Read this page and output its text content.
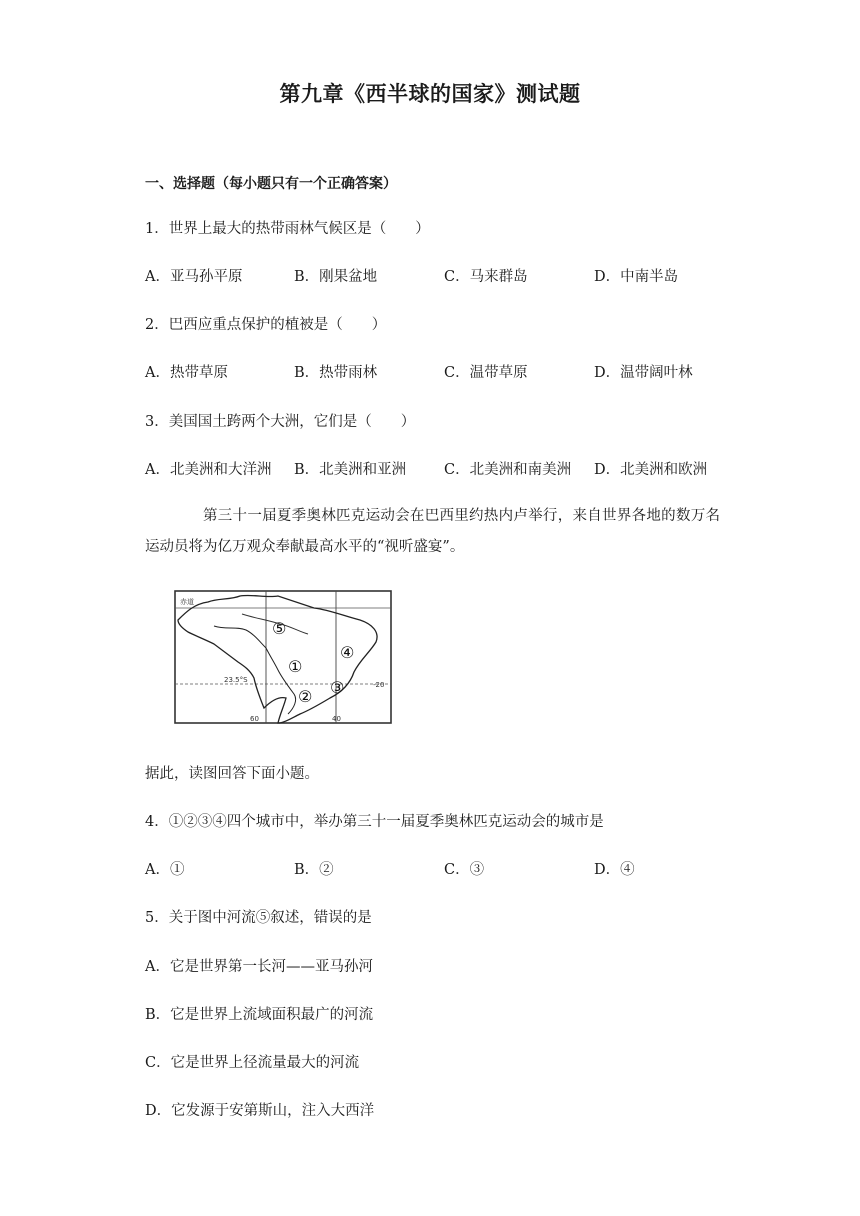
第九章《西半球的国家》测试题
一、选择题（每小题只有一个正确答案）
1．世界上最大的热带雨林气候区是（　　）
A．亚马孙平原	B．刚果盆地	C．马来群岛	D．中南半岛
2．巴西应重点保护的植被是（　　）
A．热带草原	B．热带雨林	C．温带草原	D．温带阔叶林
3．美国国土跨两个大洲，它们是（　　）
A．北美洲和大洋洲 B．北美洲和亚洲	C．北美洲和南美洲 D．北美洲和欧洲
第三十一届夏季奥林匹克运动会在巴西里约热内卢举行，来自世界各地的数万名运动员将为亿万观众奉献最高水平的“视听盛宴”。
赤道
23.5°S
-20
60	40
⑤
①
④
② ③
据此，读图回答下面小题。
4．①②③④四个城市中，举办第三十一届夏季奥林匹克运动会的城市是
A．①	B．②	C．③	D．④
5．关于图中河流⑤叙述，错误的是
A．它是世界第一长河——亚马孙河
B．它是世界上流域面积最广的河流
C．它是世界上径流量最大的河流
D．它发源于安第斯山，注入大西洋
